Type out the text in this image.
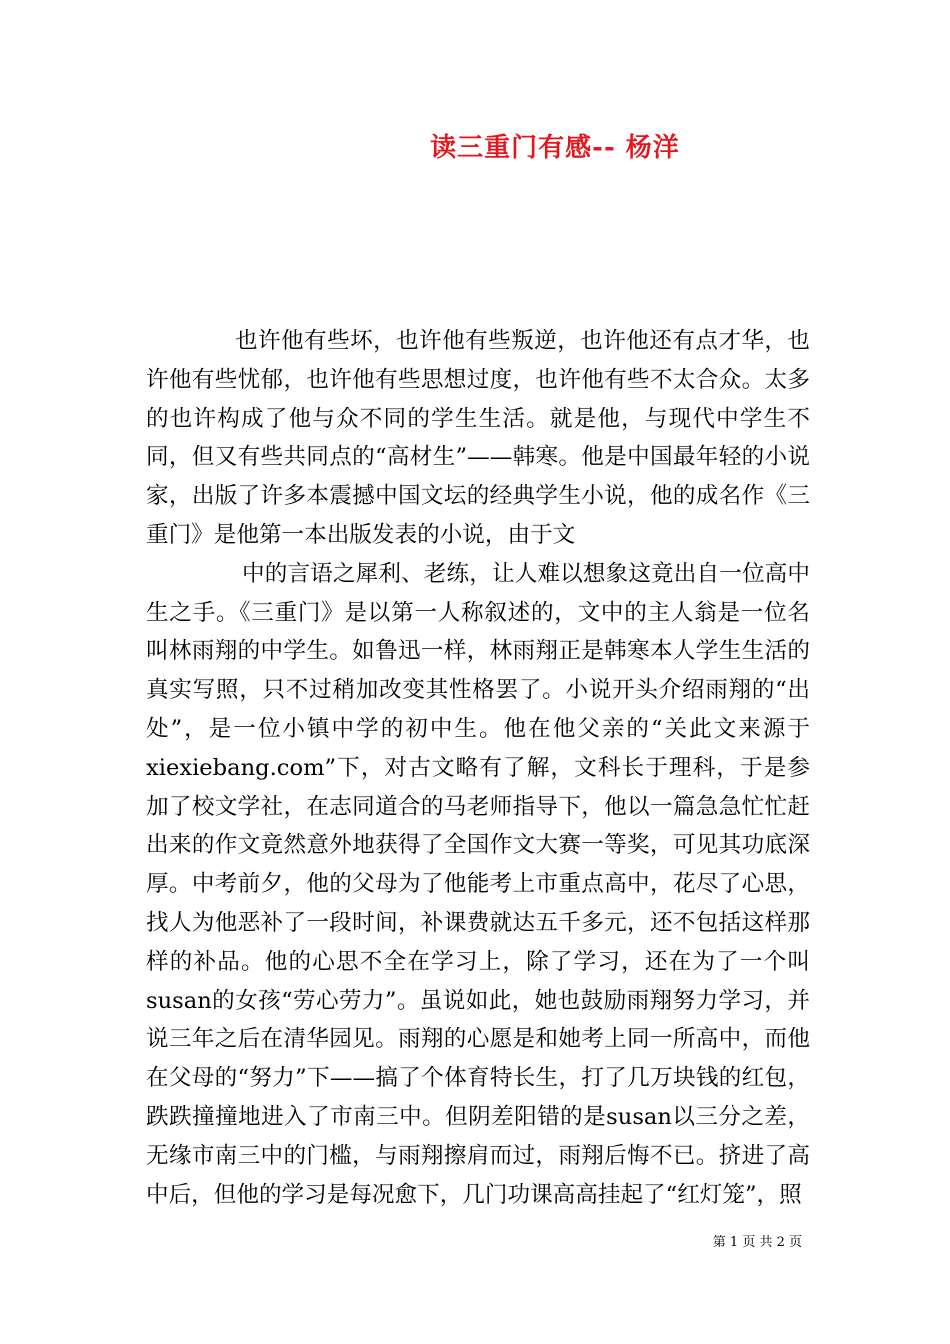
读三重门有感-- 杨洋

也许他有些坏，也许他有些叛逆，也许他还有点才华，也许他有些忧郁，也许他有些思想过度，也许他有些不太合众。太多的也许构成了他与众不同的学生生活。就是他，与现代中学生不同，但又有些共同点的“高材生”——韩寒。他是中国最年轻的小说家，出版了许多本震撼中国文坛的经典学生小说，他的成名作《三重门》是他第一本出版发表的小说，由于文

中的言语之犀利、老练，让人难以想象这竟出自一位高中生之手。《三重门》是以第一人称叙述的，文中的主人翁是一位名叫林雨翔的中学生。如鲁迅一样，林雨翔正是韩寒本人学生生活的真实写照，只不过稍加改变其性格罢了。小说开头介绍雨翔的“出处”，是一位小镇中学的初中生。他在他父亲的“关此文来源于xiexiebang.com”下，对古文略有了解，文科长于理科，于是参加了校文学社，在志同道合的马老师指导下，他以一篇急急忙忙赶出来的作文竟然意外地获得了全国作文大赛一等奖，可见其功底深厚。中考前夕，他的父母为了他能考上市重点高中，花尽了心思，找人为他恶补了一段时间，补课费就达五千多元，还不包括这样那样的补品。他的心思不全在学习上，除了学习，还在为了一个叫susan的女孩“劳心劳力”。虽说如此，她也鼓励雨翔努力学习，并说三年之后在清华园见。雨翔的心愿是和她考上同一所高中，而他在父母的“努力”下——搞了个体育特长生，打了几万块钱的红包，跌跌撞撞地进入了市南三中。但阴差阳错的是susan以三分之差，无缘市南三中的门槛，与雨翔擦肩而过，雨翔后悔不已。挤进了高中后，但他的学习是每况愈下，几门功课高高挂起了“红灯笼”，照

第 1 页 共 2 页
